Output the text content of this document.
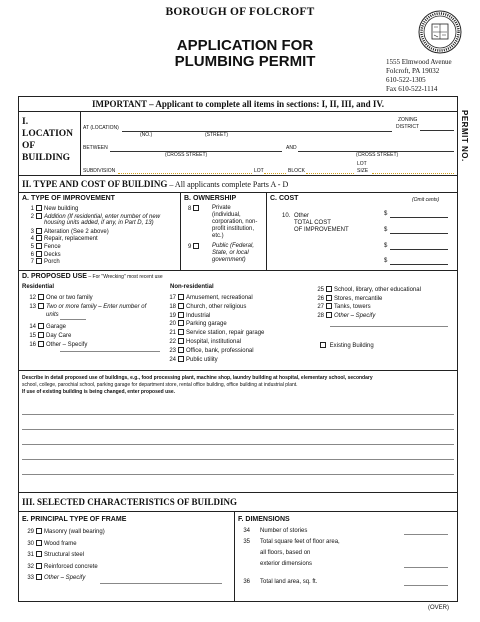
BOROUGH OF FOLCROFT
APPLICATION FOR
PLUMBING PERMIT	1555 Elmwood Avenue
Folcroft, PA 19032
610-522-1305
Fax 610-522-1114
PERMIT NO.
IMPORTANT – Applicant to complete all items in sections: I, II, III, and IV.
I.
LOCATION
OF
BUILDING
AT (LOCATION)
(NO.)	(STREET)
ZONING
DISTRICT
BETWEEN
(CROSS STREET)
AND
(CROSS STREET)
SUBDIVISION	LOT	BLOCK
LOT
SIZE
II. TYPE AND COST OF BUILDING – All applicants complete Parts A - D
A. TYPE OF IMPROVEMENT
1 New building
2 Addition (If residential, enter number of new
housing units added, if any, in Part D, 13)
3 Alteration (See 2 above)
4 Repair, replacement
5 Fence
6 Decks
7 Porch
B. OWNERSHIP
8	Private
(individual,
corporation, non-
profit institution,
etc.)
9	Public (Federal,
State, or local
government)
C. COST	(Omit cents)
10. Other
TOTAL COST
OF IMPROVEMENT
$
$
$
$
D. PROPOSED USE – For "Wrecking" most recent use
Residential	Non-residential
12 One or two family
13 Two or more family – Enter number of
units
14 Garage
15 Day Care
16 Other – Specify
17 Amusement, recreational
18 Church, other religious
19 Industrial
20 Parking garage
21 Service station, repair garage
22 Hospital, institutional
23 Office, bank, professional
24 Public utility
25 School, library, other educational
26 Stores, mercantile
27 Tanks, towers
28 Other – Specify
Existing Building
Describe in detail proposed use of buildings, e.g., food processing plant, machine shop, laundry building at hospital, elementary school, secondary
school, college, parochial school, parking garage for department store, rental office building, office building at industrial plant.
If use of existing building is being changed, enter proposed use.
III. SELECTED CHARACTERISTICS OF BUILDING
E. PRINCIPAL TYPE OF FRAME
29 Masonry (wall bearing)
30 Wood frame
31 Structural steel
32 Reinforced concrete
33 Other – Specify
F. DIMENSIONS
34 Number of stories
35 Total square feet of floor area,
all floors, based on
exterior dimensions
36 Total land area, sq. ft.
(OVER)
